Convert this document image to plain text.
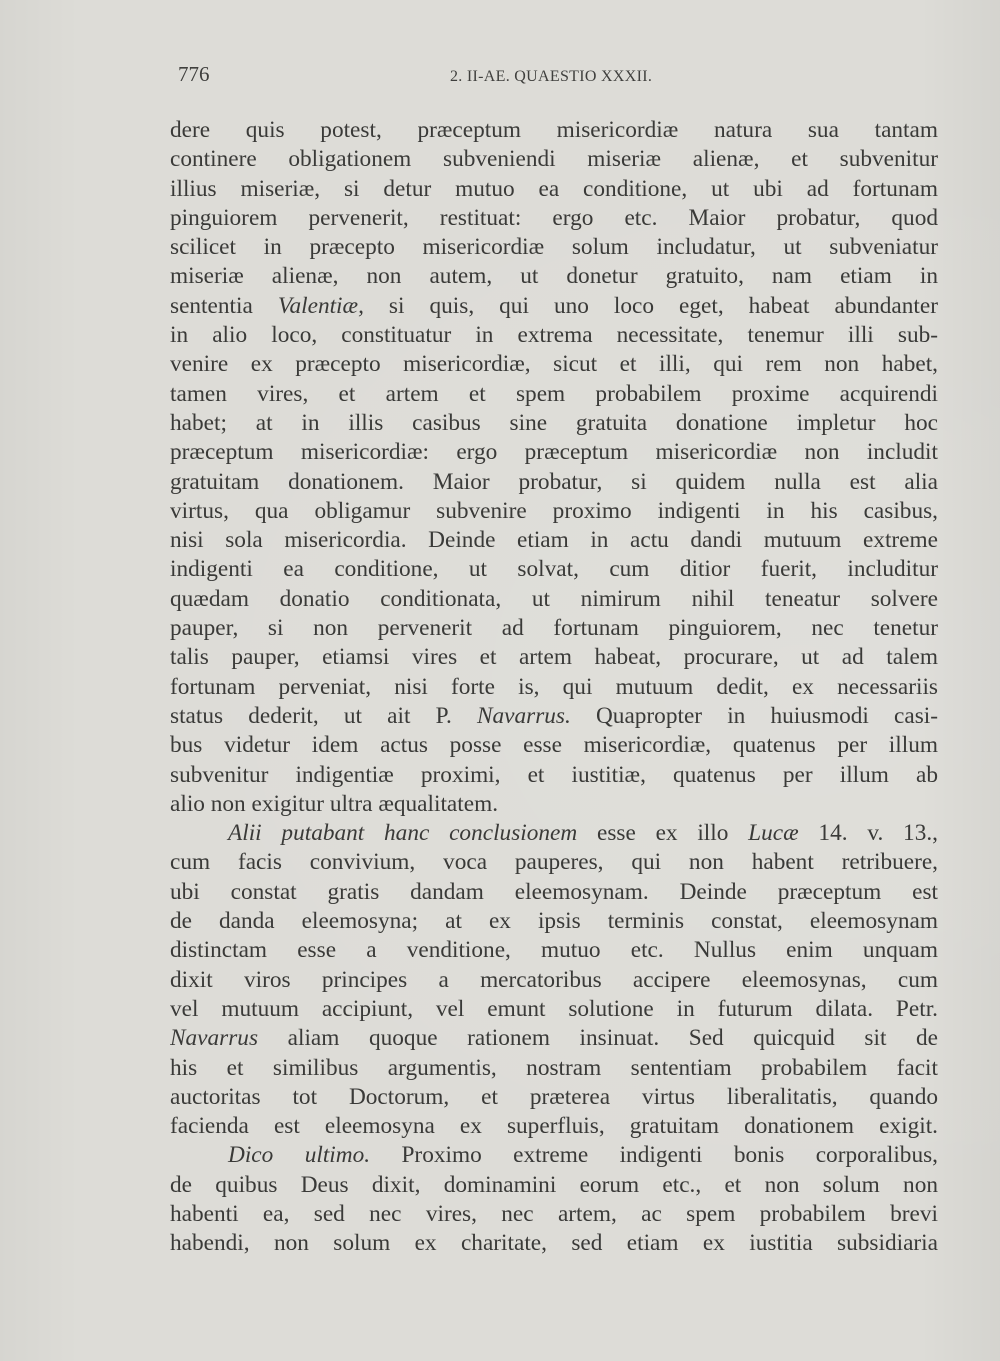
776	2. II-AE. QUAESTIO XXXII.
dere quis potest, præceptum misericordiæ natura sua tantam
continere obligationem subveniendi miseriæ alienæ, et subvenitur
illius miseriæ, si detur mutuo ea conditione, ut ubi ad fortunam
pinguiorem pervenerit, restituat: ergo etc. Maior probatur, quod
scilicet in præcepto misericordiæ solum includatur, ut subveniatur
miseriæ alienæ, non autem, ut donetur gratuito, nam etiam in
sententia Valentiæ, si quis, qui uno loco eget, habeat abundanter
in alio loco, constituatur in extrema necessitate, tenemur illi sub-
venire ex præcepto misericordiæ, sicut et illi, qui rem non habet,
tamen vires, et artem et spem probabilem proxime acquirendi
habet; at in illis casibus sine gratuita donatione impletur hoc
præceptum misericordiæ: ergo præceptum misericordiæ non includit
gratuitam donationem. Maior probatur, si quidem nulla est alia
virtus, qua obligamur subvenire proximo indigenti in his casibus,
nisi sola misericordia. Deinde etiam in actu dandi mutuum extreme
indigenti ea conditione, ut solvat, cum ditior fuerit, includitur
quædam donatio conditionata, ut nimirum nihil teneatur solvere
pauper, si non pervenerit ad fortunam pinguiorem, nec tenetur
talis pauper, etiamsi vires et artem habeat, procurare, ut ad talem
fortunam perveniat, nisi forte is, qui mutuum dedit, ex necessariis
status dederit, ut ait P. Navarrus. Quapropter in huiusmodi casi-
bus videtur idem actus posse esse misericordiæ, quatenus per illum
subvenitur indigentiæ proximi, et iustitiæ, quatenus per illum ab
alio non exigitur ultra æqualitatem.
Alii putabant hanc conclusionem esse ex illo Lucæ 14. v. 13.,
cum facis convivium, voca pauperes, qui non habent retribuere,
ubi constat gratis dandam eleemosynam. Deinde præceptum est
de danda eleemosyna; at ex ipsis terminis constat, eleemosynam
distinctam esse a venditione, mutuo etc. Nullus enim unquam
dixit viros principes a mercatoribus accipere eleemosynas, cum
vel mutuum accipiunt, vel emunt solutione in futurum dilata. Petr.
Navarrus aliam quoque rationem insinuat. Sed quicquid sit de
his et similibus argumentis, nostram sententiam probabilem facit
auctoritas tot Doctorum, et præterea virtus liberalitatis, quando
facienda est eleemosyna ex superfluis, gratuitam donationem exigit.
Dico ultimo. Proximo extreme indigenti bonis corporalibus,
de quibus Deus dixit, dominamini eorum etc., et non solum non
habenti ea, sed nec vires, nec artem, ac spem probabilem brevi
habendi, non solum ex charitate, sed etiam ex iustitia subsidiaria
